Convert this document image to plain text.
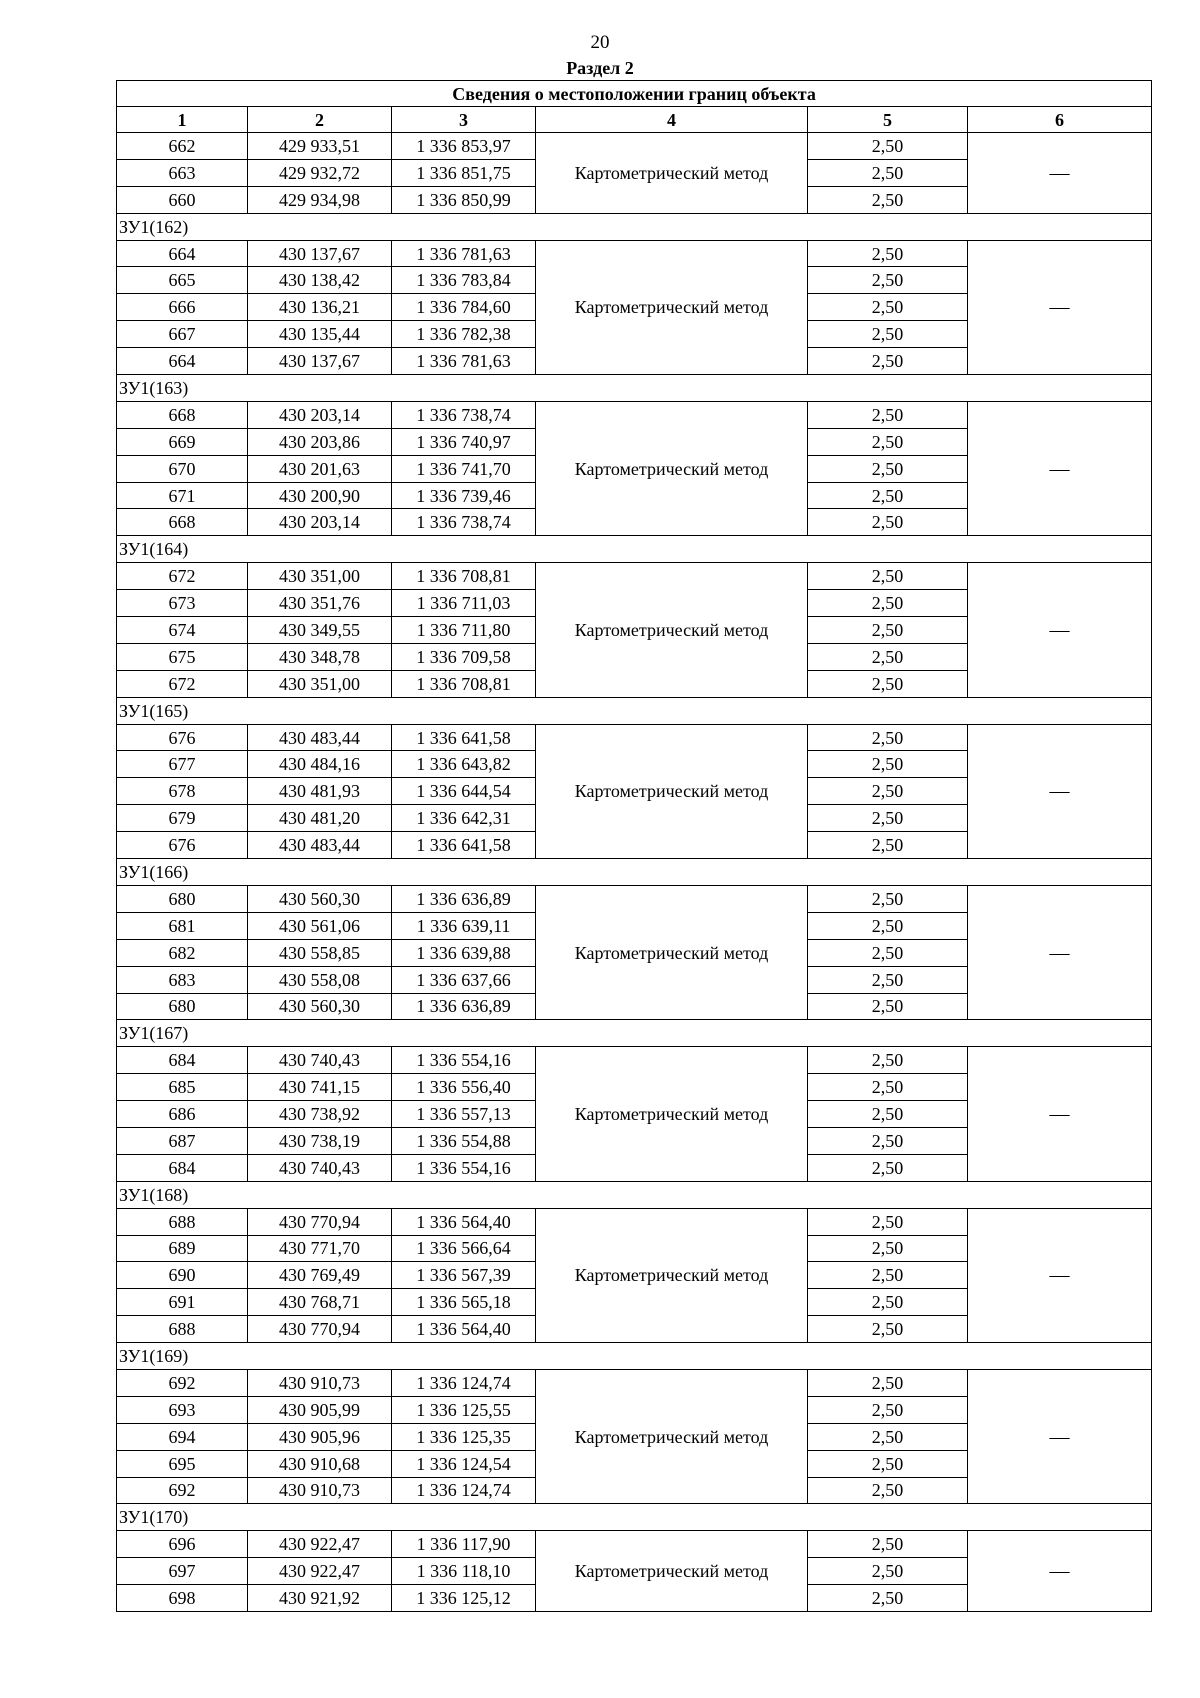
20
Раздел 2
Сведения о местоположении границ объекта					
1	2	3	4	5	6
662	429 933,51	1 336 853,97	Картометрический метод	2,50	—
663	429 932,72	1 336 851,75		2,50	
660	429 934,98	1 336 850,99		2,50	
ЗУ1(162)					
664	430 137,67	1 336 781,63	Картометрический метод	2,50	—
665	430 138,42	1 336 783,84		2,50	
666	430 136,21	1 336 784,60		2,50	
667	430 135,44	1 336 782,38		2,50	
664	430 137,67	1 336 781,63		2,50	
ЗУ1(163)					
668	430 203,14	1 336 738,74	Картометрический метод	2,50	—
669	430 203,86	1 336 740,97		2,50	
670	430 201,63	1 336 741,70		2,50	
671	430 200,90	1 336 739,46		2,50	
668	430 203,14	1 336 738,74		2,50	
ЗУ1(164)					
672	430 351,00	1 336 708,81	Картометрический метод	2,50	—
673	430 351,76	1 336 711,03		2,50	
674	430 349,55	1 336 711,80		2,50	
675	430 348,78	1 336 709,58		2,50	
672	430 351,00	1 336 708,81		2,50	
ЗУ1(165)					
676	430 483,44	1 336 641,58	Картометрический метод	2,50	—
677	430 484,16	1 336 643,82		2,50	
678	430 481,93	1 336 644,54		2,50	
679	430 481,20	1 336 642,31		2,50	
676	430 483,44	1 336 641,58		2,50	
ЗУ1(166)					
680	430 560,30	1 336 636,89	Картометрический метод	2,50	—
681	430 561,06	1 336 639,11		2,50	
682	430 558,85	1 336 639,88		2,50	
683	430 558,08	1 336 637,66		2,50	
680	430 560,30	1 336 636,89		2,50	
ЗУ1(167)					
684	430 740,43	1 336 554,16	Картометрический метод	2,50	—
685	430 741,15	1 336 556,40		2,50	
686	430 738,92	1 336 557,13		2,50	
687	430 738,19	1 336 554,88		2,50	
684	430 740,43	1 336 554,16		2,50	
ЗУ1(168)					
688	430 770,94	1 336 564,40	Картометрический метод	2,50	—
689	430 771,70	1 336 566,64		2,50	
690	430 769,49	1 336 567,39		2,50	
691	430 768,71	1 336 565,18		2,50	
688	430 770,94	1 336 564,40		2,50	
ЗУ1(169)					
692	430 910,73	1 336 124,74	Картометрический метод	2,50	—
693	430 905,99	1 336 125,55		2,50	
694	430 905,96	1 336 125,35		2,50	
695	430 910,68	1 336 124,54		2,50	
692	430 910,73	1 336 124,74		2,50	
ЗУ1(170)					
696	430 922,47	1 336 117,90	Картометрический метод	2,50	—
697	430 922,47	1 336 118,10		2,50	
698	430 921,92	1 336 125,12		2,50	
